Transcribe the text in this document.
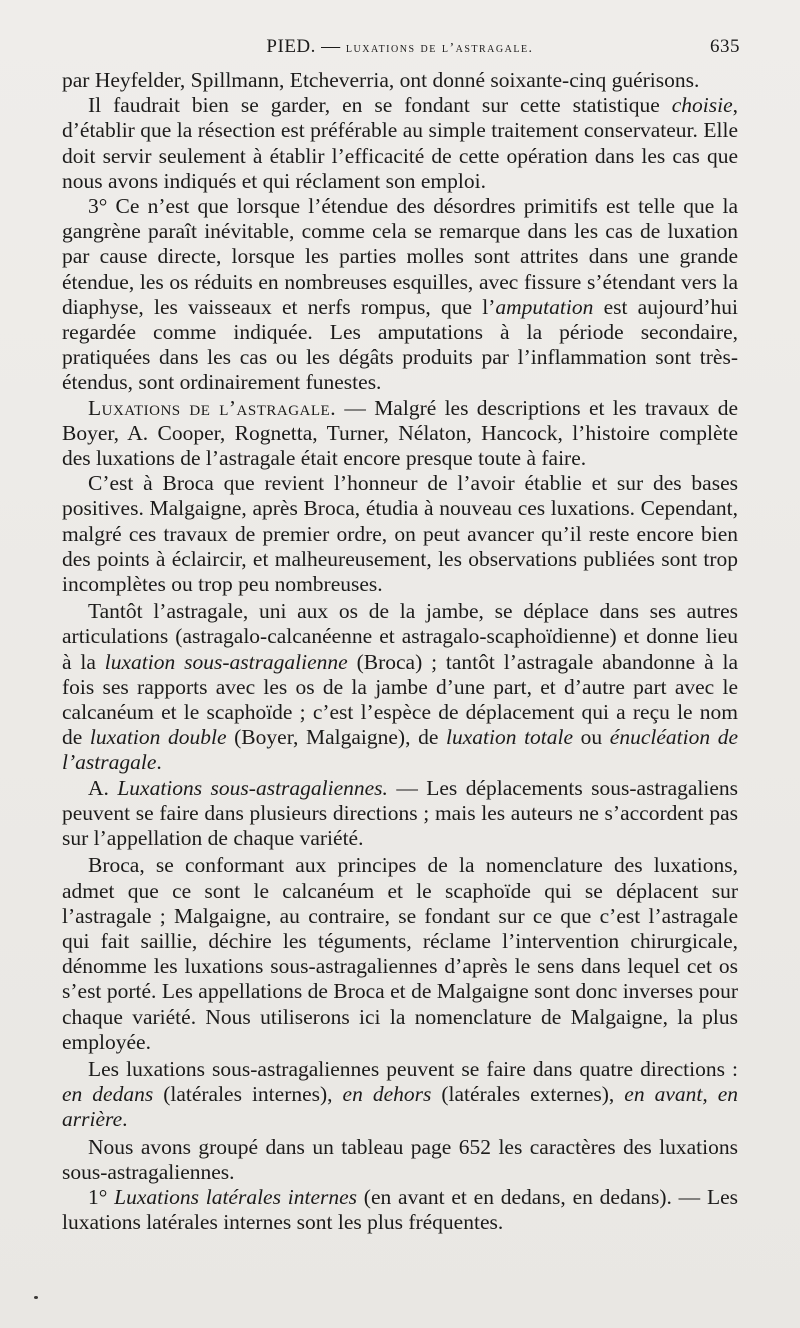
PIED. — luxations de l’astragale.	635

par Heyfelder, Spillmann, Etcheverria, ont donné soixante-cinq guérisons.

Il faudrait bien se garder, en se fondant sur cette statistique choisie, d’établir que la résection est préférable au simple traitement conservateur. Elle doit servir seulement à établir l’efficacité de cette opération dans les cas que nous avons indiqués et qui réclament son emploi.

3° Ce n’est que lorsque l’étendue des désordres primitifs est telle que la gangrène paraît inévitable, comme cela se remarque dans les cas de luxation par cause directe, lorsque les parties molles sont attrites dans une grande étendue, les os réduits en nombreuses esquilles, avec fissure s’étendant vers la diaphyse, les vaisseaux et nerfs rompus, que l’amputation est aujourd’hui regardée comme indiquée. Les amputations à la période secondaire, pratiquées dans les cas ou les dégâts produits par l’inflammation sont très-étendus, sont ordinairement funestes.

Luxations de l’astragale. — Malgré les descriptions et les travaux de Boyer, A. Cooper, Rognetta, Turner, Nélaton, Hancock, l’histoire complète des luxations de l’astragale était encore presque toute à faire.

C’est à Broca que revient l’honneur de l’avoir établie et sur des bases positives. Malgaigne, après Broca, étudia à nouveau ces luxations. Cependant, malgré ces travaux de premier ordre, on peut avancer qu’il reste encore bien des points à éclaircir, et malheureusement, les observations publiées sont trop incomplètes ou trop peu nombreuses.

Tantôt l’astragale, uni aux os de la jambe, se déplace dans ses autres articulations (astragalo-calcanéenne et astragalo-scaphoïdienne) et donne lieu à la luxation sous-astragalienne (Broca) ; tantôt l’astragale abandonne à la fois ses rapports avec les os de la jambe d’une part, et d’autre part avec le calcanéum et le scaphoïde ; c’est l’espèce de déplacement qui a reçu le nom de luxation double (Boyer, Malgaigne), de luxation totale ou énucléation de l’astragale.

A. Luxations sous-astragaliennes. — Les déplacements sous-astragaliens peuvent se faire dans plusieurs directions ; mais les auteurs ne s’accordent pas sur l’appellation de chaque variété.

Broca, se conformant aux principes de la nomenclature des luxations, admet que ce sont le calcanéum et le scaphoïde qui se déplacent sur l’astragale ; Malgaigne, au contraire, se fondant sur ce que c’est l’astragale qui fait saillie, déchire les téguments, réclame l’intervention chirurgicale, dénomme les luxations sous-astragaliennes d’après le sens dans lequel cet os s’est porté. Les appellations de Broca et de Malgaigne sont donc inverses pour chaque variété. Nous utiliserons ici la nomenclature de Malgaigne, la plus employée.

Les luxations sous-astragaliennes peuvent se faire dans quatre directions : en dedans (latérales internes), en dehors (latérales externes), en avant, en arrière.

Nous avons groupé dans un tableau page 652 les caractères des luxations sous-astragaliennes.

1° Luxations latérales internes (en avant et en dedans, en dedans). — Les luxations latérales internes sont les plus fréquentes.
